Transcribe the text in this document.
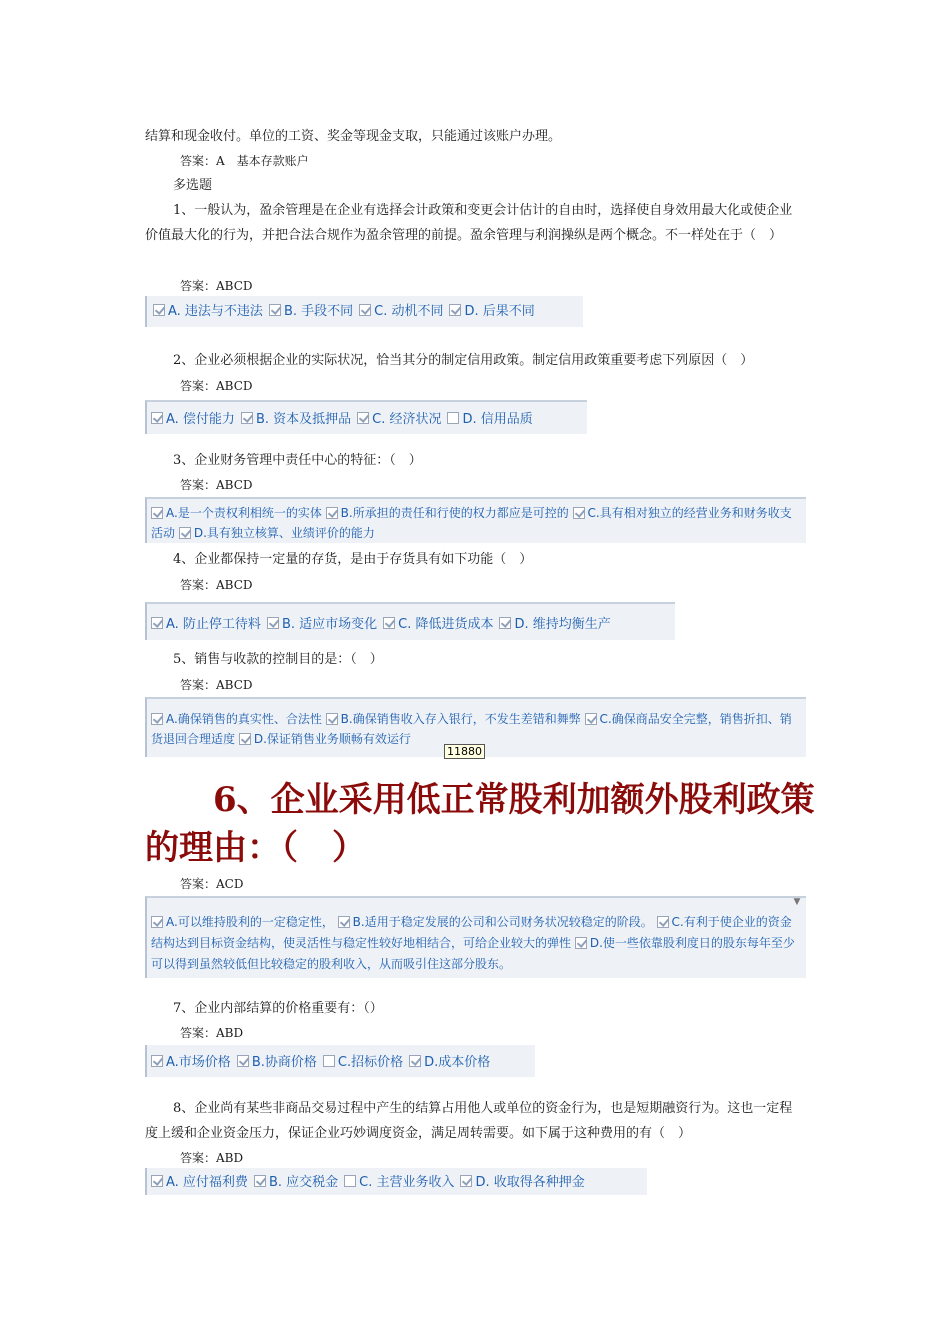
结算和现金收付。单位的工资、奖金等现金支取，只能通过该账户办理。

答案：A　基本存款账户

多选题

1、一般认为，盈余管理是在企业有选择会计政策和变更会计估计的自由时，选择使自身效用最大化或使企业价值最大化的行为，并把合法合规作为盈余管理的前提。盈余管理与利润操纵是两个概念。不一样处在于（　）

答案：ABCD

A. 违法与不违法 B. 手段不同 C. 动机不同 D. 后果不同

2、企业必须根据企业的实际状况，恰当其分的制定信用政策。制定信用政策重要考虑下列原因（　）

答案：ABCD

A. 偿付能力 B. 资本及抵押品 C. 经济状况 D. 信用品质

3、企业财务管理中责任中心的特征：（　）

答案：ABCD

A.是一个责权利相统一的实体 B.所承担的责任和行使的权力都应是可控的 C.具有相对独立的经营业务和财务收支活动 D.具有独立核算、业绩评价的能力

4、企业都保持一定量的存货，是由于存货具有如下功能（　）

答案：ABCD

A. 防止停工待料 B. 适应市场变化 C. 降低进货成本 D. 维持均衡生产

5、销售与收款的控制目的是：（　）

答案：ABCD

A.确保销售的真实性、合法性 B.确保销售收入存入银行，不发生差错和舞弊 C.确保商品安全完整，销售折扣、销货退回合理适度 D.保证销售业务顺畅有效运行
11880

6、企业采用低正常股利加额外股利政策的理由：（　）

答案：ACD

▼
A.可以维持股利的一定稳定性， B.适用于稳定发展的公司和公司财务状况较稳定的阶段。 C.有利于使企业的资金结构达到目标资金结构，使灵活性与稳定性较好地相结合，可给企业较大的弹性 D.使一些依靠股利度日的股东每年至少可以得到虽然较低但比较稳定的股利收入，从而吸引住这部分股东。

7、企业内部结算的价格重要有：（）

答案：ABD

A.市场价格 B.协商价格 C.招标价格 D.成本价格

8、企业尚有某些非商品交易过程中产生的结算占用他人或单位的资金行为，也是短期融资行为。这也一定程度上缓和企业资金压力，保证企业巧妙调度资金，满足周转需要。如下属于这种费用的有（　）

答案：ABD

A. 应付福利费 B. 应交税金 C. 主营业务收入 D. 收取得各种押金
